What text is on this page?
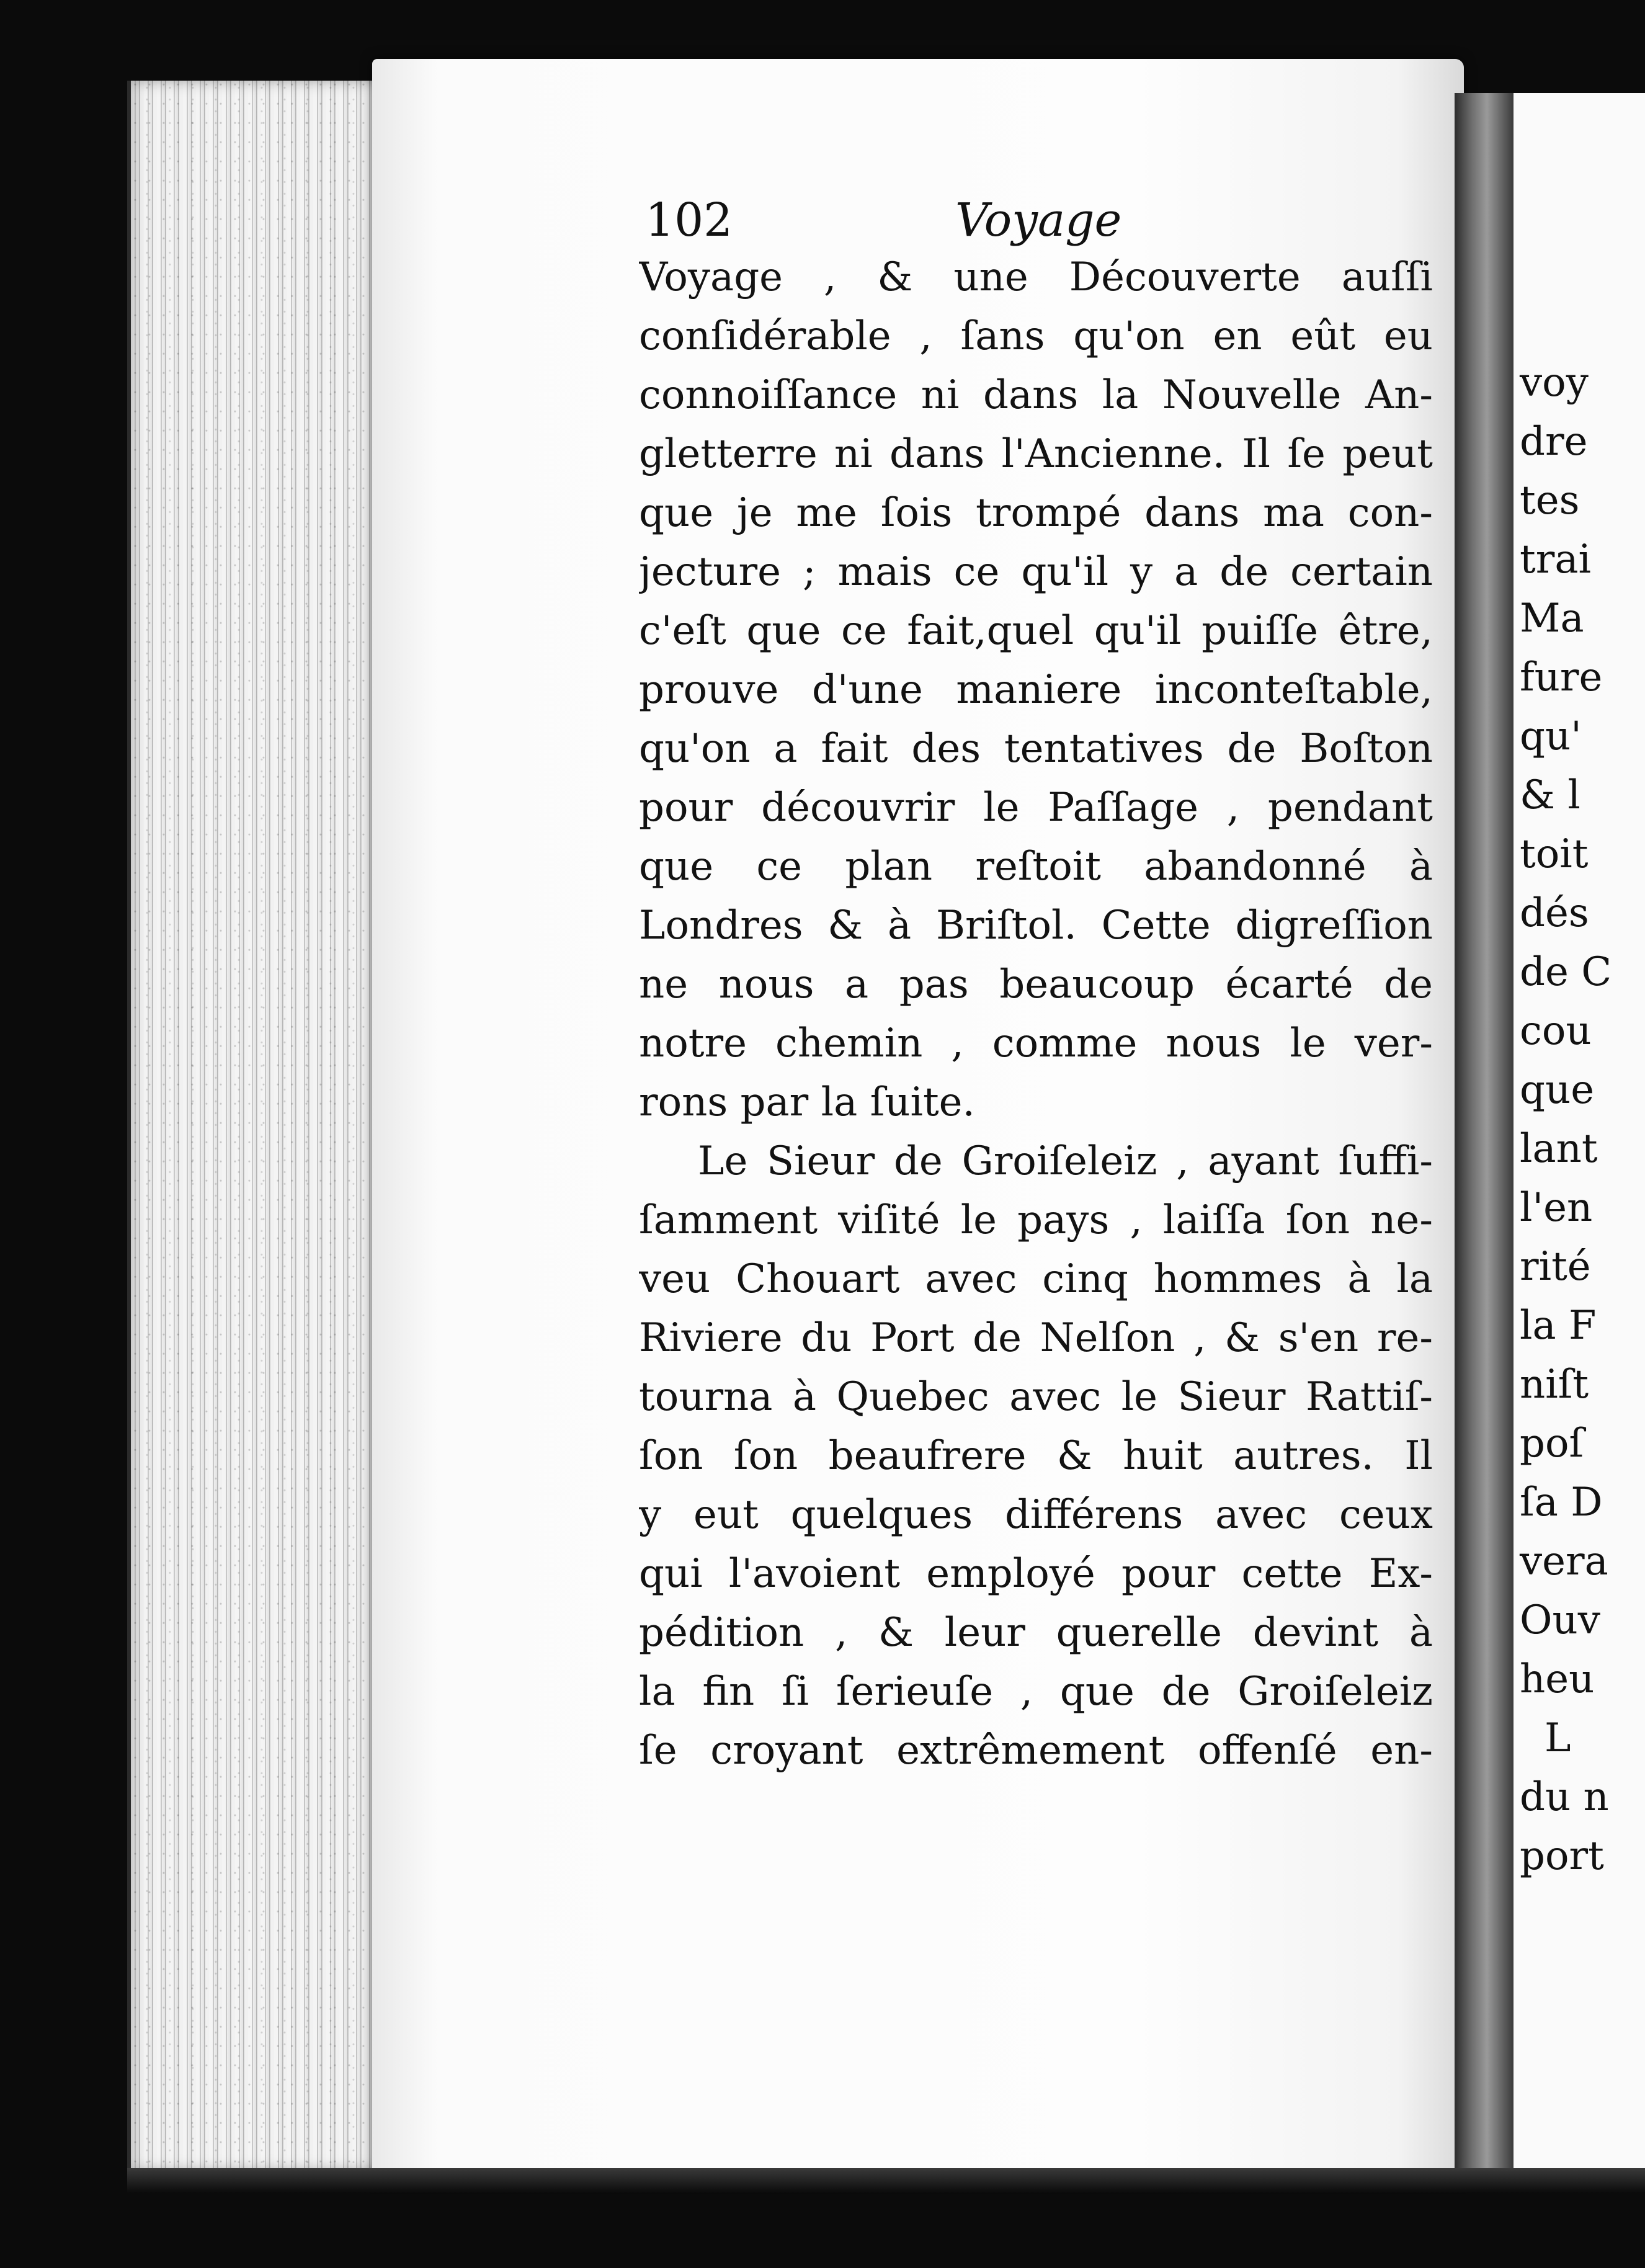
102	Voyage
Voyage , & une Découverte auſſi
conſidérable , ſans qu'on en eût eu
connoiſſance ni dans la Nouvelle An-
gletterre ni dans l'Ancienne. Il ſe peut
que je me ſois trompé dans ma con-
jecture ; mais ce qu'il y a de certain
c'eſt que ce fait,quel qu'il puiſſe être,
prouve d'une maniere inconteſtable,
qu'on a fait des tentatives de Boſton
pour découvrir le Paſſage , pendant
que ce plan reſtoit abandonné à
Londres & à Briſtol. Cette digreſſion
ne nous a pas beaucoup écarté de
notre chemin , comme nous le ver-
rons par la ſuite.
Le Sieur de Groiſeleiz , ayant ſuffi-
ſamment viſité le pays , laiſſa ſon ne-
veu Chouart avec cinq hommes à la
Riviere du Port de Nelſon , & s'en re-
tourna à Quebec avec le Sieur Rattiſ-
ſon ſon beaufrere & huit autres. Il
y eut quelques différens avec ceux
qui l'avoient employé pour cette Ex-
pédition , & leur querelle devint à
la fin ſi ſerieuſe , que de Groiſeleiz
ſe croyant extrêmement offenſé en-
voy
dre
tes
trai
Ma
fure
qu'
& l
toit
dés
de C
cou
que
lant
l'en
rité
la F
niſt
poſ
ſa D
vera
Ouv
heu
L
du n
port
